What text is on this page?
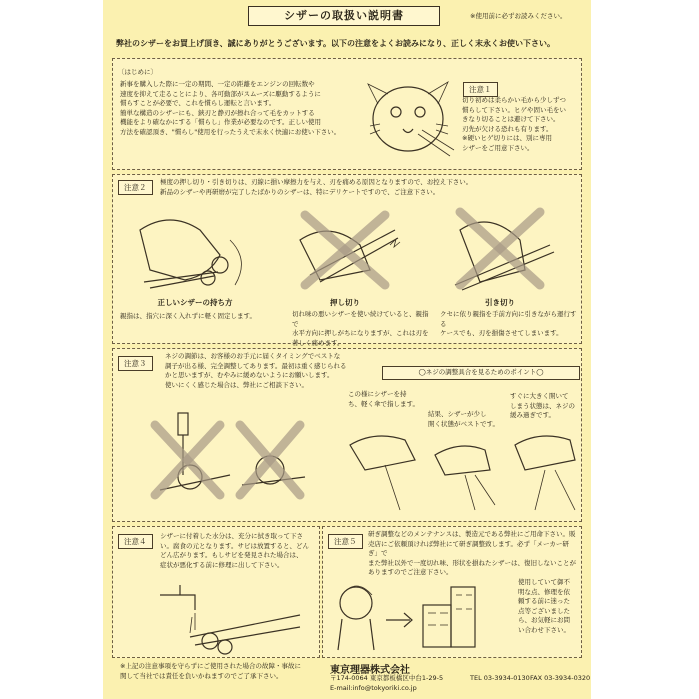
シザーの取扱い説明書	※使用前に必ずお読みください。
弊社のシザーをお買上げ頂き、誠にありがとうございます。以下の注意をよくお読みになり、正しく末永くお使い下さい。
〔はじめに〕
新事を購入した際に一定の期間、一定の距離をエンジンの回転数や
速度を抑えて走ることにより、各可動部がスムーズに駆動するように
慣らすことが必要で、これを慣らし運転と言います。
簡単な構造のシザーにも、鋏刃と静刃が擦れ合って毛をカットする
機能をより確なかにする「慣らし」作業が必要なのです。正しい使用
方法を確認頂き、"慣らし"使用を行ったうえで末永く快適にお使い下さい。
注意１
切り初めは柔らかい毛から少しずつ
慣らして下さい。ヒゲや固い毛をい
きなり切ることは避けて下さい。
刃先が欠ける恐れも有ります。
※硬いヒゲ切りには、別に専用
シザーをご用意下さい。
注意２
極度の押し切り・引き切りは、刃線に損い摩擦力を与え、刃を痛める原因となりますので、お控え下さい。
新品のシザーや再研磨が完了したばかりのシザーは、特にデリケートですので、ご注意下さい。
正しいシザーの持ち方	押し切り	引き切り
親指は、指穴に深く入れずに軽く固定します。	切れ味の悪いシザーを使い続けていると、親指で
水平方向に押しがちになりますが、これは刃を
著しく痛めます。
クセに依り親指を手前方向に引きながら運行する
ケースでも、刃を損傷させてしまいます。
注意３
ネジの調節は、お客様のお手元に届くタイミングでベストな
調子が出る様、完全調整してあります。最初は重く感じられる
かと思いますが、むやみに緩めないようにお願いします。
使いにくく感じた場合は、弊社にご相談下さい。
◯ネジの調整具合を見るためのポイント◯
この様にシザーを持
ち、軽く傘で指します。
結果、シザーが少し
開く状態がベストです。
すぐに大きく開いて
しまう状態は、ネジの
緩み過ぎです。
注意４
シザーに付着した水分は、充分に拭き取って下さ
い。腐食の元となります。サビは放置すると、どん
どん広がります。もしサビを発見された場合は、
症状が悪化する前に修理に出して下さい。
注意５
研ぎ調整などのメンテナンスは、製造元である弊社にご用命下さい。販
売店にご依頼頂ければ弊社にて研ぎ調整致します。必ず「メーカー研ぎ」で
また弊社以外で一度切れ味、形状を損ねたシザーは、復旧しないことが
ありますのでご注意下さい。
使用していて御不
明な点、修理を依
頼する前に迷った
点等ございました
ら、お気軽にお問
い合わせ下さい。
※上記の注意事項を守らずにご使用された場合の故障・事故に
関して当社では責任を負いかねますのでご了承下さい。	東京理器株式会社
〒174-0064 東京都板橋区中台1-29-5	TEL 03-3934-0130 FAX 03-3934-0320
E-mail:info@tokyoriki.co.jp
